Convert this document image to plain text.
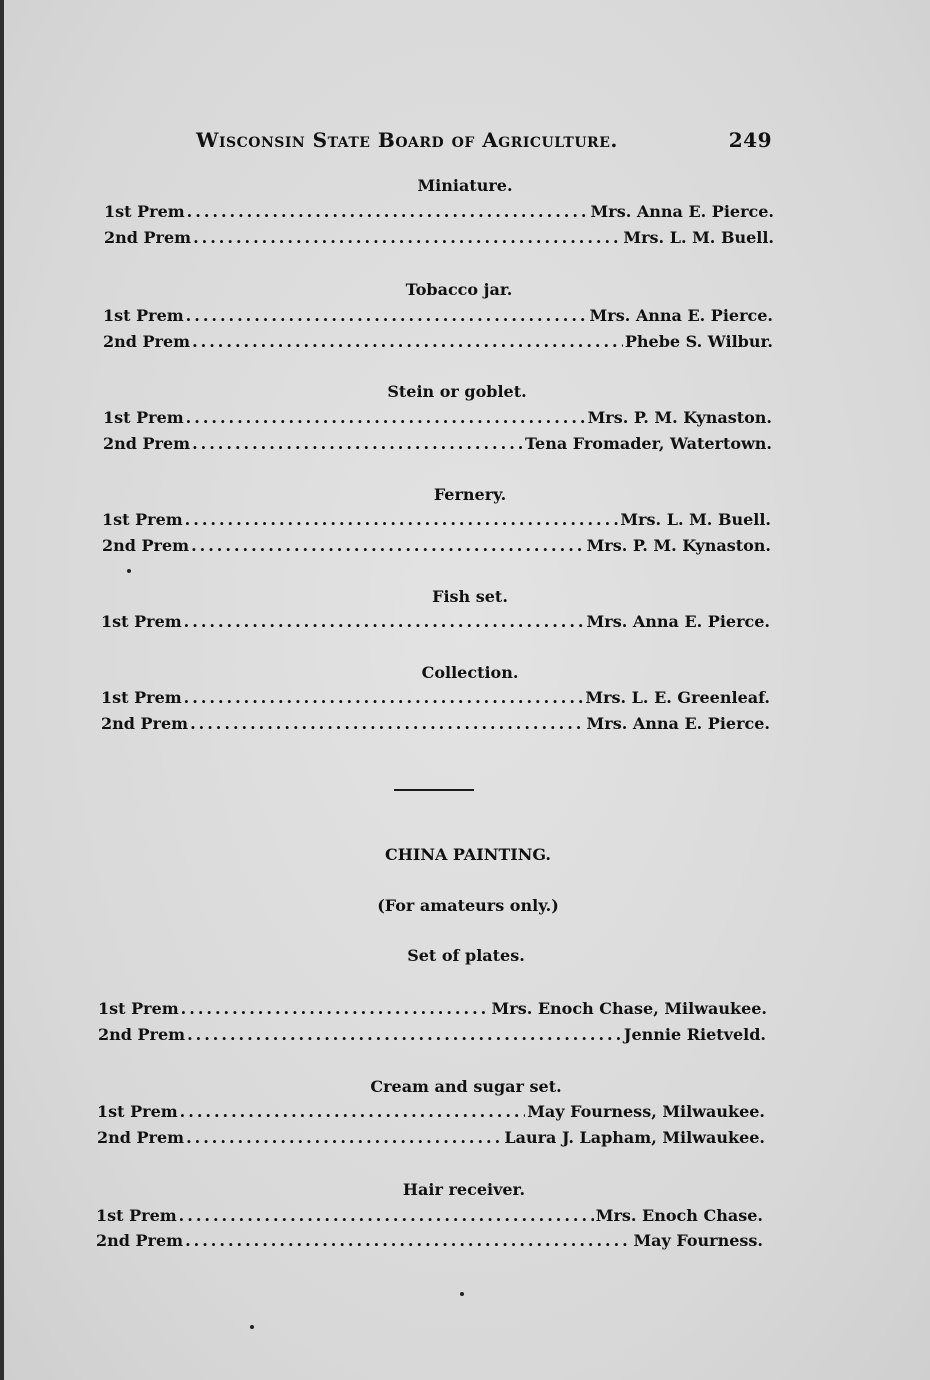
Wisconsin State Board of Agriculture.	249
Miniature.
1st Prem .....	Mrs. Anna E. Pierce.
2nd Prem .....	Mrs. L. M. Buell.
Tobacco jar.
1st Prem .....	Mrs. Anna E. Pierce.
2nd Prem .....	Phebe S. Wilbur.
Stein or goblet.
1st Prem .....	Mrs. P. M. Kynaston.
2nd Prem .....	Tena Fromader, Watertown.
Fernery.
1st Prem .....	Mrs. L. M. Buell.
2nd Prem .....	Mrs. P. M. Kynaston.
Fish set.
1st Prem .....	Mrs. Anna E. Pierce.
Collection.
1st Prem .....	Mrs. L. E. Greenleaf.
2nd Prem .....	Mrs. Anna E. Pierce.
CHINA PAINTING.
(For amateurs only.)
Set of plates.
1st Prem .....	Mrs. Enoch Chase, Milwaukee.
2nd Prem .....	Jennie Rietveld.
Cream and sugar set.
1st Prem .....	May Fourness, Milwaukee.
2nd Prem .....	Laura J. Lapham, Milwaukee.
Hair receiver.
1st Prem .....	Mrs. Enoch Chase.
2nd Prem .....	May Fourness.
